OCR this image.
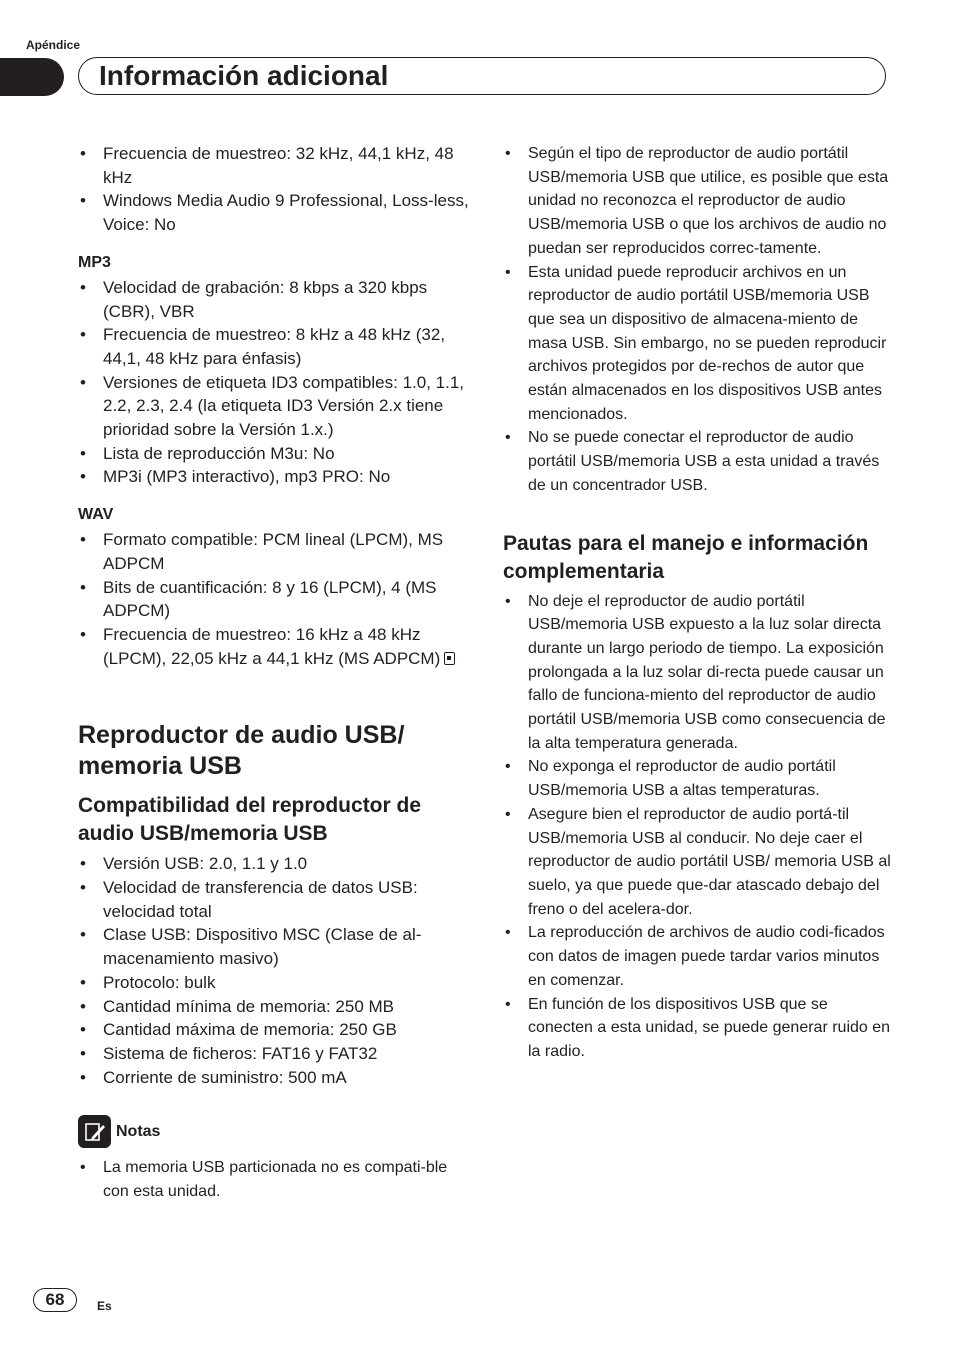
Apéndice
Información adicional
• Frecuencia de muestreo: 32 kHz, 44,1 kHz, 48 kHz
• Windows Media Audio 9 Professional, Loss-less, Voice: No
MP3
• Velocidad de grabación: 8 kbps a 320 kbps (CBR), VBR
• Frecuencia de muestreo: 8 kHz a 48 kHz (32, 44,1, 48 kHz para énfasis)
• Versiones de etiqueta ID3 compatibles: 1.0, 1.1, 2.2, 2.3, 2.4 (la etiqueta ID3 Versión 2.x tiene prioridad sobre la Versión 1.x.)
• Lista de reproducción M3u: No
• MP3i (MP3 interactivo), mp3 PRO: No
WAV
• Formato compatible: PCM lineal (LPCM), MS ADPCM
• Bits de cuantificación: 8 y 16 (LPCM), 4 (MS ADPCM)
• Frecuencia de muestreo: 16 kHz a 48 kHz (LPCM), 22,05 kHz a 44,1 kHz (MS ADPCM)
Reproductor de audio USB/ memoria USB
Compatibilidad del reproductor de audio USB/memoria USB
• Versión USB: 2.0, 1.1 y 1.0
• Velocidad de transferencia de datos USB: velocidad total
• Clase USB: Dispositivo MSC (Clase de al-macenamiento masivo)
• Protocolo: bulk
• Cantidad mínima de memoria: 250 MB
• Cantidad máxima de memoria: 250 GB
• Sistema de ficheros: FAT16 y FAT32
• Corriente de suministro: 500 mA
Notas
• La memoria USB particionada no es compati-ble con esta unidad.
• Según el tipo de reproductor de audio portátil USB/memoria USB que utilice, es posible que esta unidad no reconozca el reproductor de audio USB/memoria USB o que los archivos de audio no puedan ser reproducidos correc-tamente.
• Esta unidad puede reproducir archivos en un reproductor de audio portátil USB/memoria USB que sea un dispositivo de almacena-miento de masa USB. Sin embargo, no se pueden reproducir archivos protegidos por de-rechos de autor que están almacenados en los dispositivos USB antes mencionados.
• No se puede conectar el reproductor de audio portátil USB/memoria USB a esta unidad a través de un concentrador USB.
Pautas para el manejo e información complementaria
• No deje el reproductor de audio portátil USB/memoria USB expuesto a la luz solar directa durante un largo periodo de tiempo. La exposición prolongada a la luz solar di-recta puede causar un fallo de funciona-miento del reproductor de audio portátil USB/memoria USB como consecuencia de la alta temperatura generada.
• No exponga el reproductor de audio portátil USB/memoria USB a altas temperaturas.
• Asegure bien el reproductor de audio portá-til USB/memoria USB al conducir. No deje caer el reproductor de audio portátil USB/ memoria USB al suelo, ya que puede que-dar atascado debajo del freno o del acelera-dor.
• La reproducción de archivos de audio codi-ficados con datos de imagen puede tardar varios minutos en comenzar.
• En función de los dispositivos USB que se conecten a esta unidad, se puede generar ruido en la radio.
68	Es
